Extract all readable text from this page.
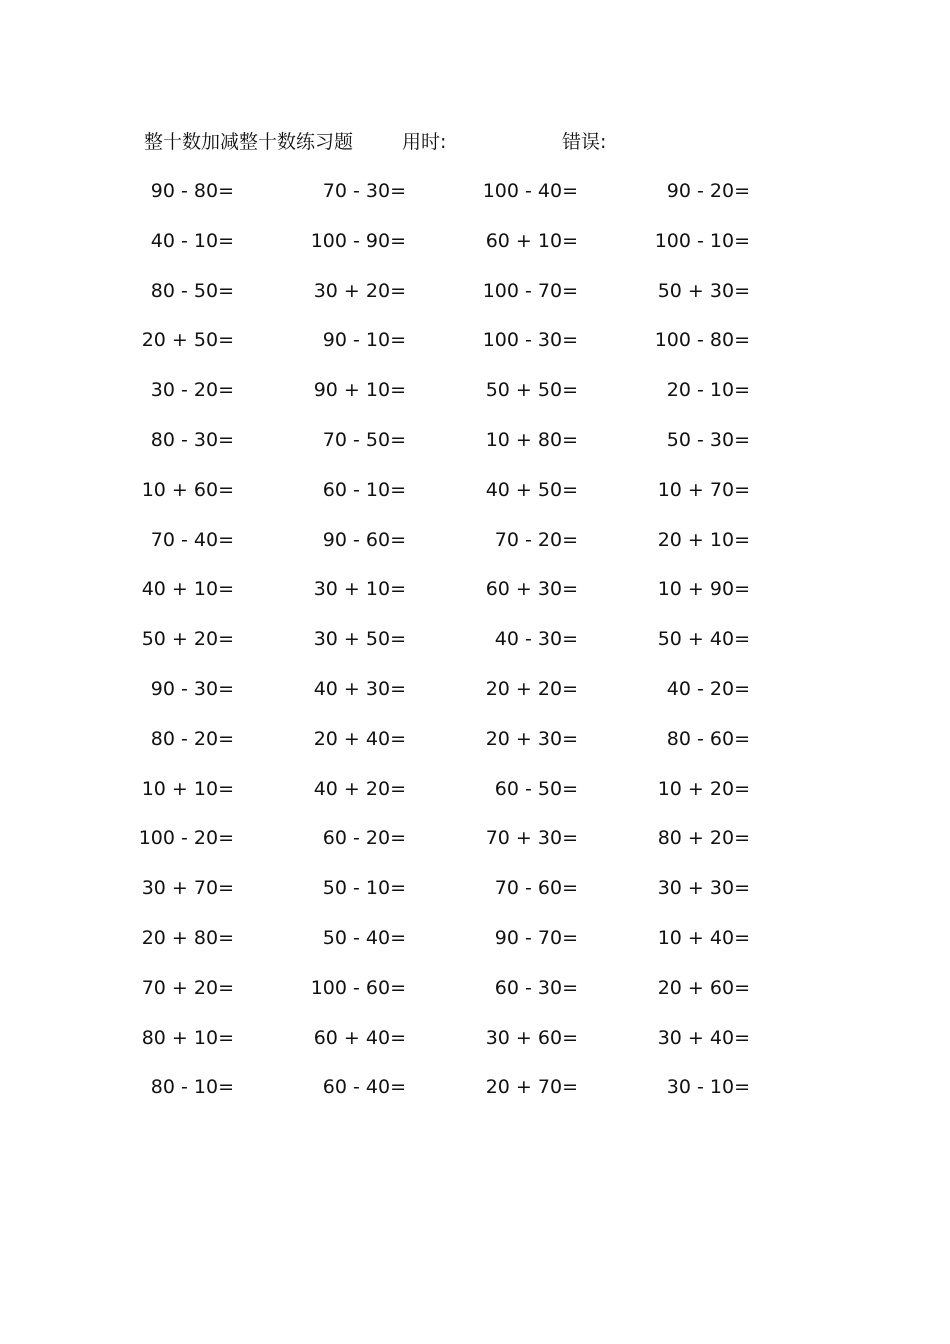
整十数加减整十数练习题	用时:	错误:
90 - 80=	70 - 30=	100 - 40=	90 - 20=
40 - 10=	100 - 90=	60 + 10=	100 - 10=
80 - 50=	30 + 20=	100 - 70=	50 + 30=
20 + 50=	90 - 10=	100 - 30=	100 - 80=
30 - 20=	90 + 10=	50 + 50=	20 - 10=
80 - 30=	70 - 50=	10 + 80=	50 - 30=
10 + 60=	60 - 10=	40 + 50=	10 + 70=
70 - 40=	90 - 60=	70 - 20=	20 + 10=
40 + 10=	30 + 10=	60 + 30=	10 + 90=
50 + 20=	30 + 50=	40 - 30=	50 + 40=
90 - 30=	40 + 30=	20 + 20=	40 - 20=
80 - 20=	20 + 40=	20 + 30=	80 - 60=
10 + 10=	40 + 20=	60 - 50=	10 + 20=
100 - 20=	60 - 20=	70 + 30=	80 + 20=
30 + 70=	50 - 10=	70 - 60=	30 + 30=
20 + 80=	50 - 40=	90 - 70=	10 + 40=
70 + 20=	100 - 60=	60 - 30=	20 + 60=
80 + 10=	60 + 40=	30 + 60=	30 + 40=
80 - 10=	60 - 40=	20 + 70=	30 - 10=
